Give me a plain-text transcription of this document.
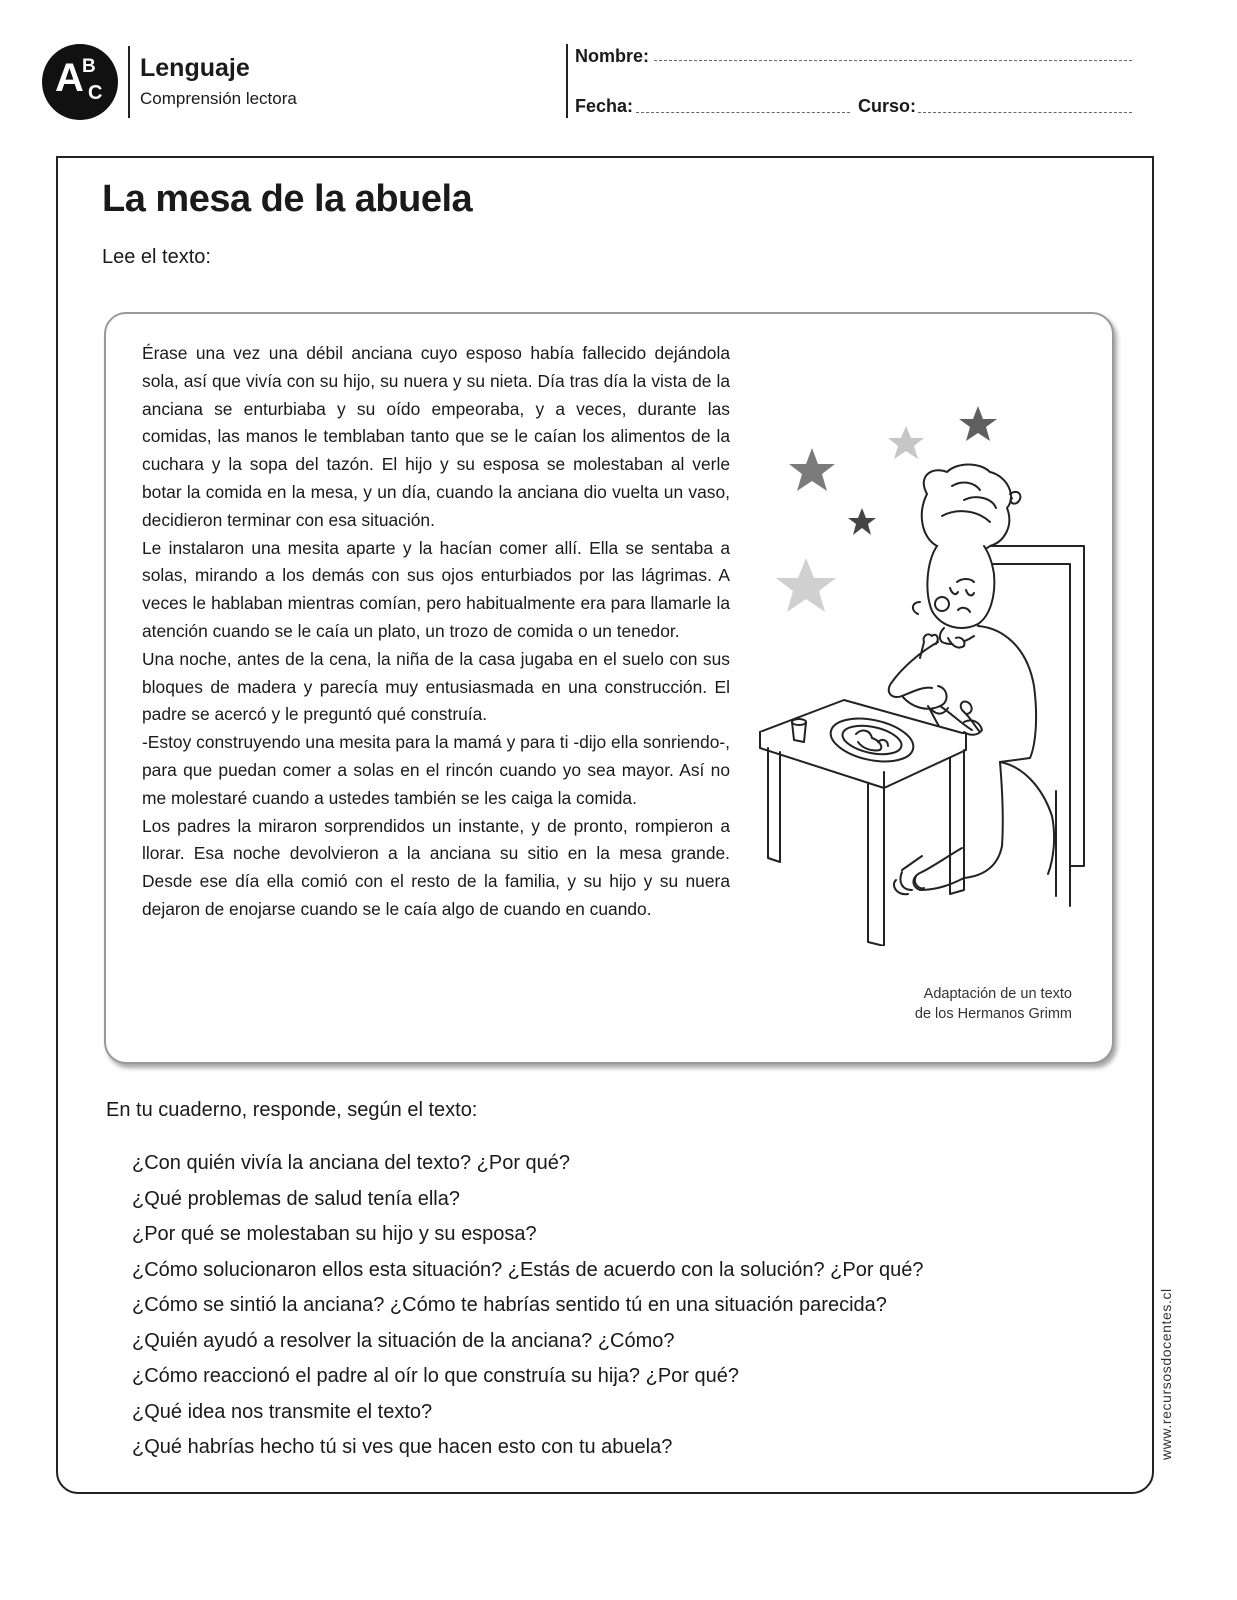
A
B
C
Lenguaje
Comprensión lectora
Nombre:
Fecha:	Curso:
La mesa de la abuela
Lee el texto:

Érase una vez una débil anciana cuyo esposo había fallecido dejándola sola, así que vivía con su hijo, su nuera y su nieta. Día tras día la vista de la anciana se enturbiaba y su oído empeoraba, y a veces, durante las comidas, las manos le temblaban tanto que se le caían los alimentos de la cuchara y la sopa del tazón. El hijo y su esposa se molestaban al verle botar la comida en la mesa, y un día, cuando la anciana dio vuelta un vaso, decidieron terminar con esa situación.

Le instalaron una mesita aparte y la hacían comer allí. Ella se sentaba a solas, mirando a los demás con sus ojos enturbiados por las lágrimas. A veces le hablaban mientras comían, pero habitualmente era para llamarle la atención cuando se le caía un plato, un trozo de comida o un tenedor.

Una noche, antes de la cena, la niña de la casa jugaba en el suelo con sus bloques de madera y parecía muy entusiasmada en una construcción. El padre se acercó y le preguntó qué construía.

-Estoy construyendo una mesita para la mamá y para ti -dijo ella sonriendo-, para que puedan comer a solas en el rincón cuando yo sea mayor. Así no me molestaré cuando a ustedes también se les caiga la comida.

Los padres la miraron sorprendidos un instante, y de pronto, rompieron a llorar. Esa noche devolvieron a la anciana su sitio en la mesa grande. Desde ese día ella comió con el resto de la familia, y su hijo y su nuera dejaron de enojarse cuando se le caía algo de cuando en cuando.

Adaptación de un texto
de los Hermanos Grimm
En tu cuaderno, responde, según el texto:
¿Con quién vivía la anciana del texto? ¿Por qué?
¿Qué problemas de salud tenía ella?
¿Por qué se molestaban su hijo y su esposa?
¿Cómo solucionaron ellos esta situación? ¿Estás de acuerdo con la solución? ¿Por qué?
¿Cómo se sintió la anciana? ¿Cómo te habrías sentido tú en una situación parecida?
¿Quién ayudó a resolver la situación de la anciana? ¿Cómo?
¿Cómo reaccionó el padre al oír lo que construía su hija? ¿Por qué?
¿Qué idea nos transmite el texto?
¿Qué habrías hecho tú si ves que hacen esto con tu abuela?	www.recursosdocentes.cl
